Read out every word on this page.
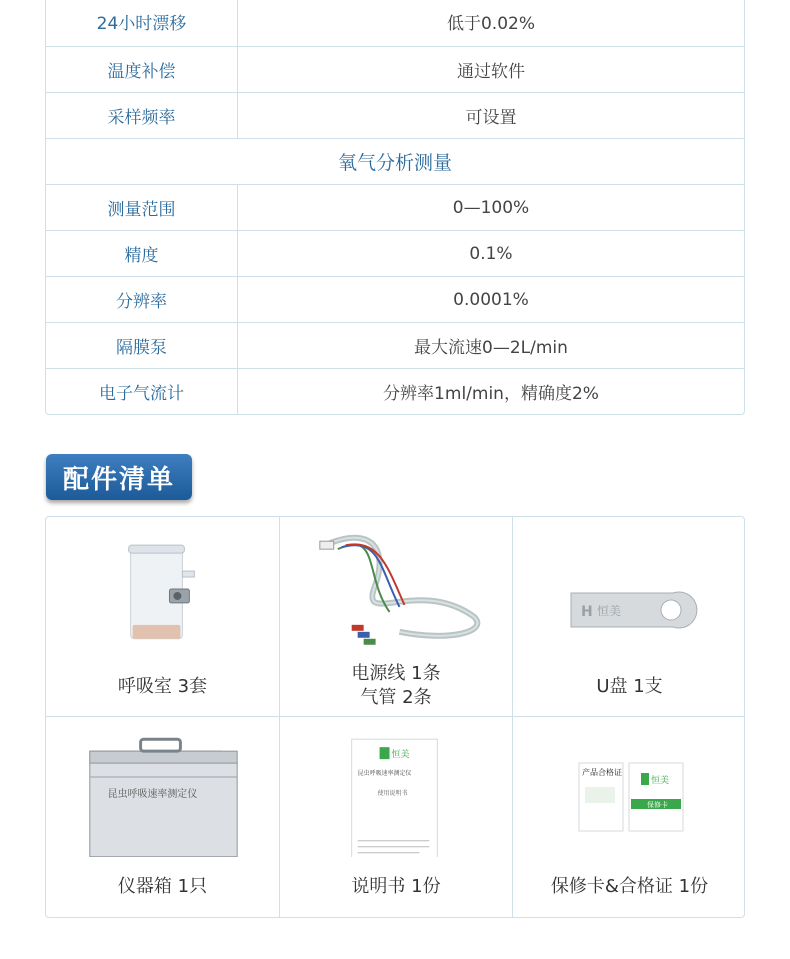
24小时漂移	低于0.02%
温度补偿	通过软件
采样频率	可设置
氧气分析测量
测量范围	0—100%
精度	0.1%
分辨率	0.0001%
隔膜泵	最大流速0—2L/min
电子气流计	分辨率1ml/min，精确度2%
配件清单
呼吸室 3套
电源线 1条
气管 2条
H 恒美
U盘 1支
昆虫呼吸速率测定仪
仪器箱 1只
恒美
昆虫呼吸速率测定仪
使用说明书
说明书 1份
产品合格证
恒美
保修卡
保修卡&合格证 1份
